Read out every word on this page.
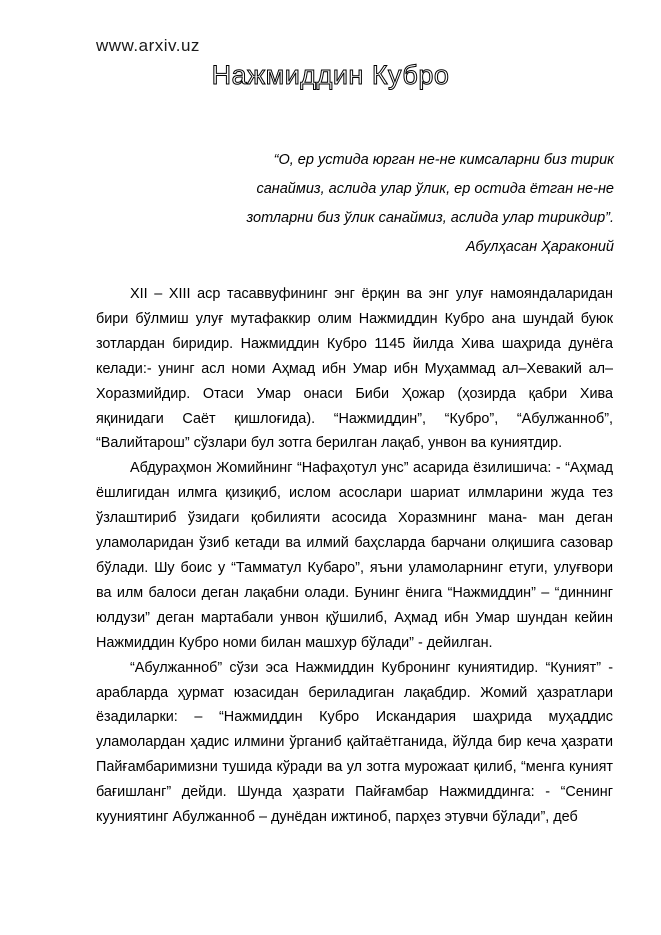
www.arxiv.uz
Нажмиддин Кубро
“О, ер устида юрган не-не кимсаларни биз тирик
санаймиз, аслида улар ўлик, ер остида ётган не-не
зотларни биз ўлик санаймиз, аслида улар тирикдир”.
Абулҳасан Ҳараконий

XII – XIII аср тасаввуфининг энг ёрқин ва энг улуғ намояндаларидан бири бўлмиш улуғ мутафаккир олим Нажмиддин Кубро ана шундай буюк зотлардан биридир. Нажмиддин Кубро 1145 йилда Хива шаҳрида дунёга келади:- унинг асл номи Аҳмад ибн Умар ибн Муҳаммад ал–Хевакий ал–Хоразмийдир. Отаси Умар онаси Биби Ҳожар (ҳозирда қабри Хива яқинидаги Саёт қишлоғида). “Нажмиддин”, “Кубро”, “Абулжанноб”, “Валийтарош” сўзлари бул зотга берилган лақаб, унвон ва куниятдир.

Абдураҳмон Жомийнинг “Нафаҳотул унс” асарида ёзилишича: - “Аҳмад ёшлигидан илмга қизиқиб, ислом асослари шариат илмларини жуда тез ўзлаштириб ўзидаги қобилияти асосида Хоразмнинг мана- ман деган уламоларидан ўзиб кетади ва илмий баҳсларда барчани олқишига сазовар бўлади. Шу боис у “Тамматул Кубаро”, яъни уламоларнинг етуги, улуғвори ва илм балоси деган лақабни олади. Бунинг ёнига “Нажмиддин” – “диннинг юлдузи” деган мартабали унвон қўшилиб, Аҳмад ибн Умар шундан кейин Нажмиддин Кубро номи билан машхур бўлади” - дейилган.

“Абулжанноб” сўзи эса Нажмиддин Кубронинг куниятидир. “Куният” - арабларда ҳурмат юзасидан бериладиган лақабдир. Жомий ҳазратлари ёзадиларки: – “Нажмиддин Кубро Искандария шаҳрида муҳаддис уламолардан ҳадис илмини ўрганиб қайтаётганида, йўлда бир кеча ҳазрати Пайғамбаримизни тушида кўради ва ул зотга мурожаат қилиб, “менга куният бағишланг” дейди. Шунда ҳазрати Пайғамбар Нажмиддинга: - “Сенинг кууниятинг Абулжанноб – дунёдан ижтиноб, парҳез этувчи бўлади”, деб
